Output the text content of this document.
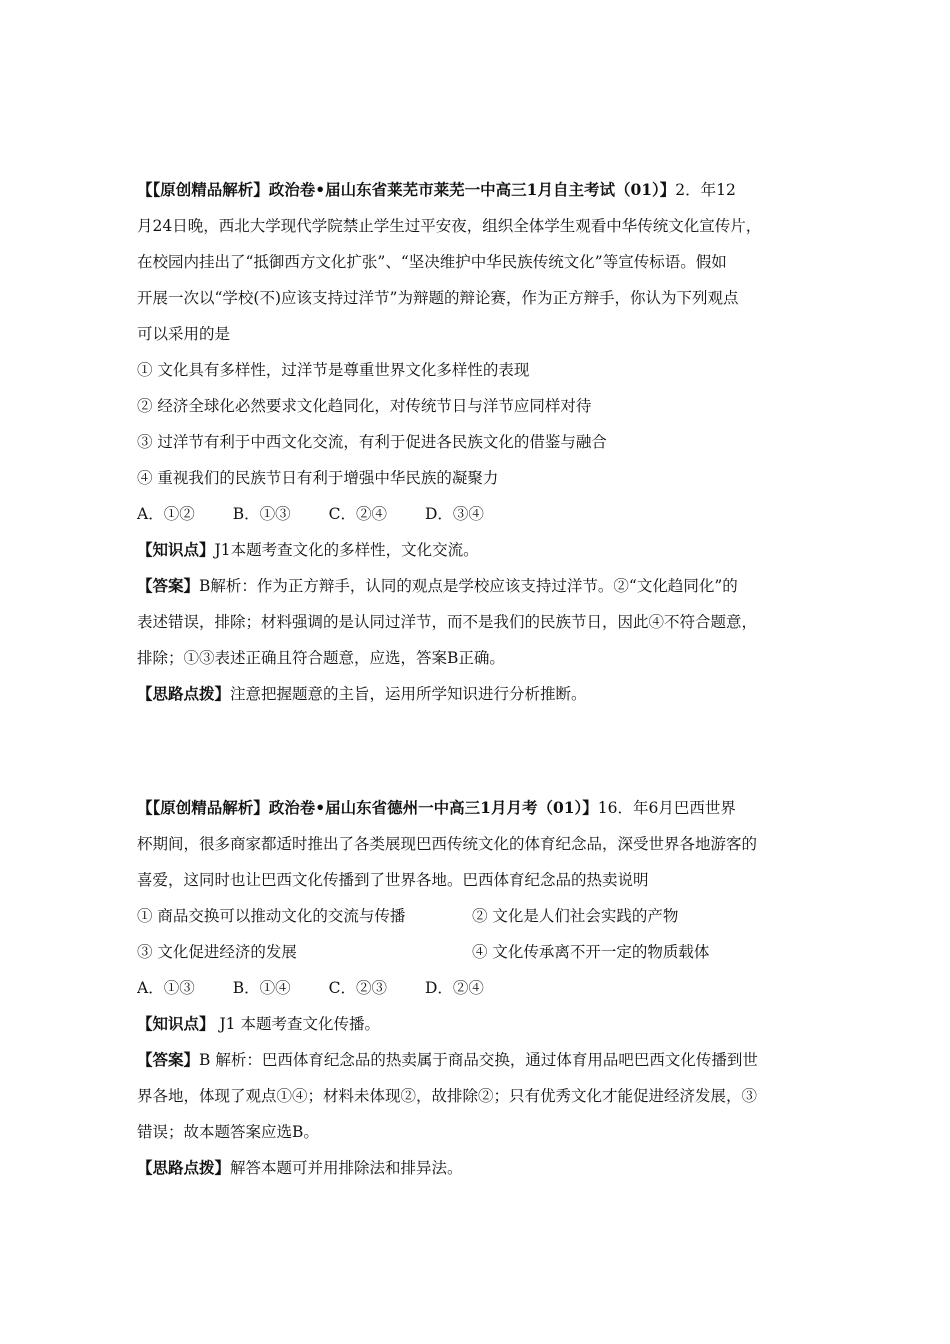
【【原创精品解析】政治卷•届山东省莱芜市莱芜一中高三1月自主考试（01）】2．年12
月24日晚，西北大学现代学院禁止学生过平安夜，组织全体学生观看中华传统文化宣传片，
在校园内挂出了“抵御西方文化扩张”、“坚决维护中华民族传统文化”等宣传标语。假如
开展一次以“学校(不)应该支持过洋节”为辩题的辩论赛，作为正方辩手，你认为下列观点
可以采用的是
① 文化具有多样性，过洋节是尊重世界文化多样性的表现
② 经济全球化必然要求文化趋同化，对传统节日与洋节应同样对待
③ 过洋节有利于中西文化交流，有利于促进各民族文化的借鉴与融合
④ 重视我们的民族节日有利于增强中华民族的凝聚力
A．①② B．①③ C．②④ D．③④
【知识点】J1本题考查文化的多样性，文化交流。
【答案】B解析：作为正方辩手，认同的观点是学校应该支持过洋节。②“文化趋同化”的
表述错误，排除；材料强调的是认同过洋节，而不是我们的民族节日，因此④不符合题意，
排除；①③表述正确且符合题意，应选，答案B正确。
【思路点拨】注意把握题意的主旨，运用所学知识进行分析推断。
【【原创精品解析】政治卷•届山东省德州一中高三1月月考（01）】16．年6月巴西世界
杯期间，很多商家都适时推出了各类展现巴西传统文化的体育纪念品，深受世界各地游客的
喜爱，这同时也让巴西文化传播到了世界各地。巴西体育纪念品的热卖说明
① 商品交换可以推动文化的交流与传播	② 文化是人们社会实践的产物
③ 文化促进经济的发展	④ 文化传承离不开一定的物质载体
A．①③ B．①④ C．②③ D．②④
【知识点】 J1 本题考查文化传播。
【答案】B 解析：巴西体育纪念品的热卖属于商品交换，通过体育用品吧巴西文化传播到世
界各地，体现了观点①④；材料未体现②，故排除②；只有优秀文化才能促进经济发展，③
错误；故本题答案应选B。
【思路点拨】解答本题可并用排除法和排异法。
